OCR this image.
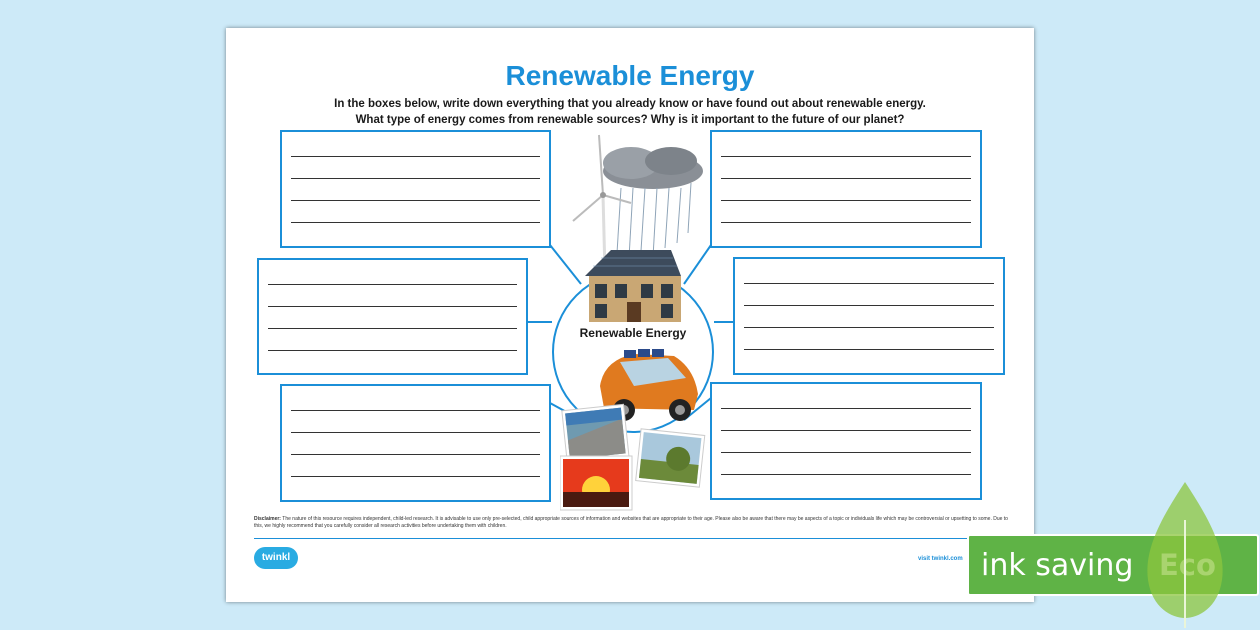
Renewable Energy
In the boxes below, write down everything that you already know or have found out about renewable energy.
What type of energy comes from renewable sources? Why is it important to the future of our planet?
Renewable Energy
Disclaimer: The nature of this resource requires independent, child-led research. It is advisable to use only pre-selected, child appropriate sources of information and websites that are appropriate to their age. Please also be aware that there may be aspects of a topic or individuals life which may be controversial or upsetting to some. Due to this, we highly recommend that you carefully consider all research activities before undertaking them with children.
twinkl	visit twinkl.com ink saving
